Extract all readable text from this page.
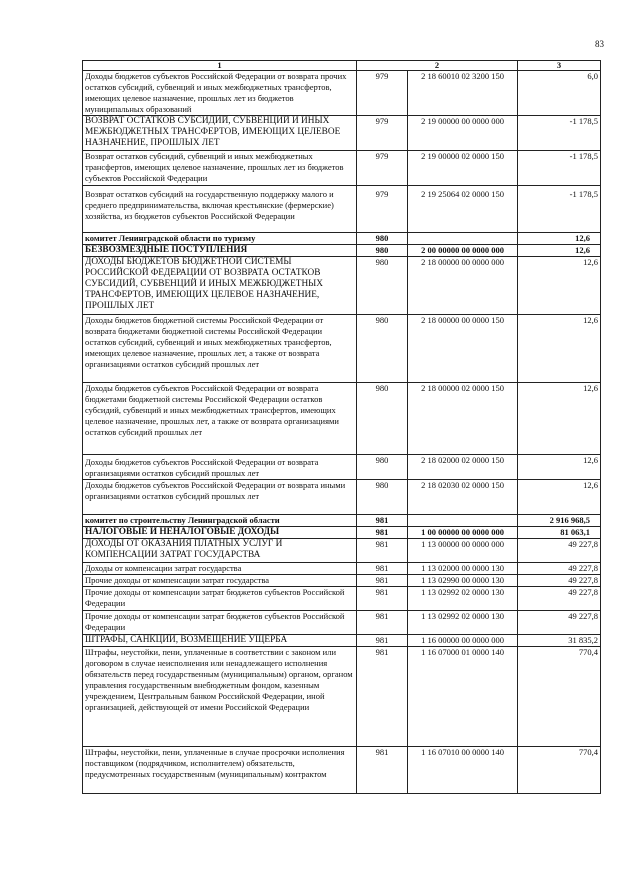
83
1	2		3
Доходы бюджетов субъектов Российской Федерации от возврата прочих остатков субсидий, субвенций и иных межбюджетных трансфертов, имеющих целевое назначение, прошлых лет из бюджетов муниципальных образований	979	2 18 60010 02 3200 150	6,0
ВОЗВРАТ ОСТАТКОВ СУБСИДИЙ, СУБВЕНЦИЙ И ИНЫХ МЕЖБЮДЖЕТНЫХ ТРАНСФЕРТОВ, ИМЕЮЩИХ ЦЕЛЕВОЕ НАЗНАЧЕНИЕ, ПРОШЛЫХ ЛЕТ	979	2 19 00000 00 0000 000	-1 178,5
Возврат остатков субсидий, субвенций и иных межбюджетных трансфертов, имеющих целевое назначение, прошлых лет из бюджетов субъектов Российской Федерации	979	2 19 00000 02 0000 150	-1 178,5
Возврат остатков субсидий на государственную поддержку малого и среднего предпринимательства, включая крестьянские (фермерские) хозяйства, из бюджетов субъектов Российской Федерации	979	2 19 25064 02 0000 150	-1 178,5
комитет Ленинградской области по туризму	980		12,6
БЕЗВОЗМЕЗДНЫЕ ПОСТУПЛЕНИЯ	980	2 00 00000 00 0000 000	12,6
ДОХОДЫ БЮДЖЕТОВ БЮДЖЕТНОЙ СИСТЕМЫ РОССИЙСКОЙ ФЕДЕРАЦИИ ОТ ВОЗВРАТА ОСТАТКОВ СУБСИДИЙ, СУБВЕНЦИЙ И ИНЫХ МЕЖБЮДЖЕТНЫХ ТРАНСФЕРТОВ, ИМЕЮЩИХ ЦЕЛЕВОЕ НАЗНАЧЕНИЕ, ПРОШЛЫХ ЛЕТ	980	2 18 00000 00 0000 000	12,6
Доходы бюджетов бюджетной системы Российской Федерации от возврата бюджетами бюджетной системы Российской Федерации остатков субсидий, субвенций и иных межбюджетных трансфертов, имеющих целевое назначение, прошлых лет, а также от возврата организациями остатков субсидий прошлых лет	980	2 18 00000 00 0000 150	12,6
Доходы бюджетов субъектов Российской Федерации от возврата бюджетами бюджетной системы Российской Федерации остатков субсидий, субвенций и иных межбюджетных трансфертов, имеющих целевое назначение, прошлых лет, а также от возврата организациями остатков субсидий прошлых лет	980	2 18 00000 02 0000 150	12,6
Доходы бюджетов субъектов Российской Федерации от возврата организациями остатков субсидий прошлых лет	980	2 18 02000 02 0000 150	12,6
Доходы бюджетов субъектов Российской Федерации от возврата иными организациями остатков субсидий прошлых лет	980	2 18 02030 02 0000 150	12,6
комитет по строительству Ленинградской области	981		2 916 968,5
НАЛОГОВЫЕ И НЕНАЛОГОВЫЕ ДОХОДЫ	981	1 00 00000 00 0000 000	81 063,1
ДОХОДЫ ОТ ОКАЗАНИЯ ПЛАТНЫХ УСЛУГ И КОМПЕНСАЦИИ ЗАТРАТ ГОСУДАРСТВА	981	1 13 00000 00 0000 000	49 227,8
Доходы от компенсации затрат государства	981	1 13 02000 00 0000 130	49 227,8
Прочие доходы от компенсации затрат государства	981	1 13 02990 00 0000 130	49 227,8
Прочие доходы от компенсации затрат бюджетов субъектов Российской Федерации	981	1 13 02992 02 0000 130	49 227,8
Прочие доходы от компенсации затрат бюджетов субъектов Российской Федерации	981	1 13 02992 02 0000 130	49 227,8
ШТРАФЫ, САНКЦИИ, ВОЗМЕЩЕНИЕ УЩЕРБА	981	1 16 00000 00 0000 000	31 835,2
Штрафы, неустойки, пени, уплаченные в соответствии с законом или договором в случае неисполнения или ненадлежащего исполнения обязательств перед государственным (муниципальным) органом, органом управления государственным внебюджетным фондом, казенным учреждением, Центральным банком Российской Федерации, иной организацией, действующей от имени Российской Федерации	981	1 16 07000 01 0000 140	770,4
Штрафы, неустойки, пени, уплаченные в случае просрочки исполнения поставщиком (подрядчиком, исполнителем) обязательств, предусмотренных государственным (муниципальным) контрактом	981	1 16 07010 00 0000 140	770,4
